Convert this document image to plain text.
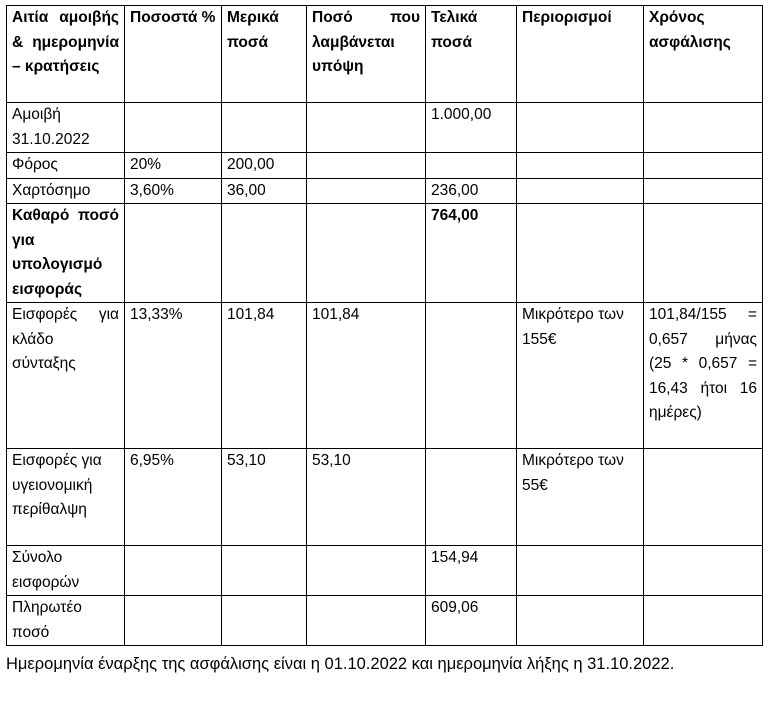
Αιτία αμοιβής & ημερομηνία – κρατήσεις	Ποσοστά %	Μερικά ποσά	Ποσό που λαμβάνεται υπόψη	Τελικά ποσά	Περιορισμοί	Χρόνος ασφάλισης
Αμοιβή 31.10.2022				1.000,00		
Φόρος	20%	200,00				
Χαρτόσημο	3,60%	36,00		236,00		
Καθαρό ποσό για υπολογισμό εισφοράς				764,00		
Εισφορές για κλάδο σύνταξης	13,33%	101,84	101,84		Μικρότερο των 155€	101,84/155 = 0,657 μήνας (25 * 0,657 = 16,43 ήτοι 16 ημέρες)
Εισφορές για υγειονομική περίθαλψη	6,95%	53,10	53,10		Μικρότερο των 55€	
Σύνολο εισφορών				154,94		
Πληρωτέο ποσό				609,06		
Ημερομηνία έναρξης της ασφάλισης είναι η 01.10.2022 και ημερομηνία λήξης η 31.10.2022.
